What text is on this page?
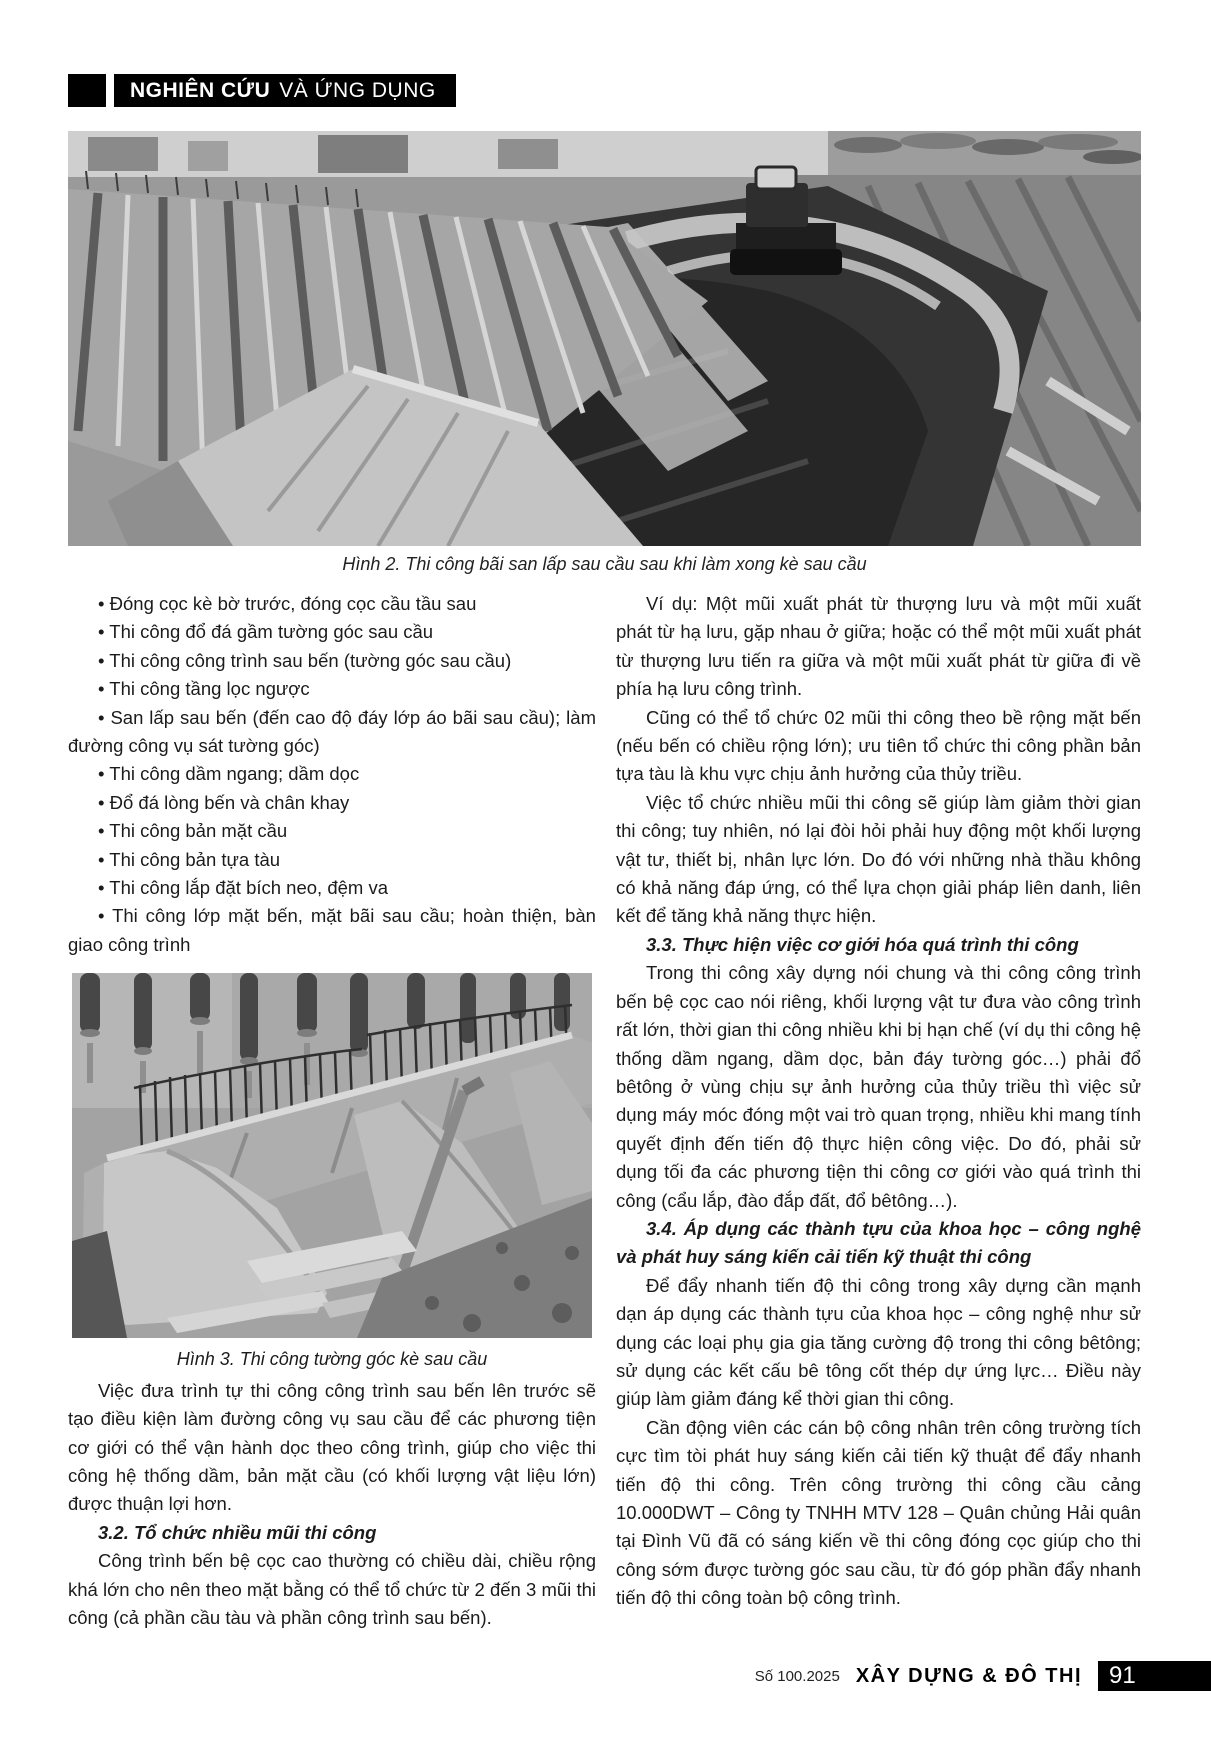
NGHIÊN CỨU VÀ ỨNG DỤNG
Hình 2. Thi công bãi san lấp sau cầu sau khi làm xong kè sau cầu

• Đóng cọc kè bờ trước, đóng cọc cầu tầu sau

• Thi công đổ đá gầm tường góc sau cầu

• Thi công công trình sau bến (tường góc sau cầu)

• Thi công tầng lọc ngược

• San lấp sau bến (đến cao độ đáy lớp áo bãi sau cầu); làm đường công vụ sát tường góc)

• Thi công dầm ngang; dầm dọc

• Đổ đá lòng bến và chân khay

• Thi công bản mặt cầu

• Thi công bản tựa tàu

• Thi công lắp đặt bích neo, đệm va

• Thi công lớp mặt bến, mặt bãi sau cầu; hoàn thiện, bàn giao công trình

Hình 3. Thi công tường góc kè sau cầu

Việc đưa trình tự thi công công trình sau bến lên trước sẽ tạo điều kiện làm đường công vụ sau cầu để các phương tiện cơ giới có thể vận hành dọc theo công trình, giúp cho việc thi công hệ thống dầm, bản mặt cầu (có khối lượng vật liệu lớn) được thuận lợi hơn.

3.2. Tổ chức nhiều mũi thi công

Công trình bến bệ cọc cao thường có chiều dài, chiều rộng khá lớn cho nên theo mặt bằng có thể tổ chức từ 2 đến 3 mũi thi công (cả phần cầu tàu và phần công trình sau bến).

Ví dụ: Một mũi xuất phát từ thượng lưu và một mũi xuất phát từ hạ lưu, gặp nhau ở giữa; hoặc có thể một mũi xuất phát từ thượng lưu tiến ra giữa và một mũi xuất phát từ giữa đi về phía hạ lưu công trình.

Cũng có thể tổ chức 02 mũi thi công theo bề rộng mặt bến (nếu bến có chiều rộng lớn); ưu tiên tổ chức thi công phần bản tựa tàu là khu vực chịu ảnh hưởng của thủy triều.

Việc tổ chức nhiều mũi thi công sẽ giúp làm giảm thời gian thi công; tuy nhiên, nó lại đòi hỏi phải huy động một khối lượng vật tư, thiết bị, nhân lực lớn. Do đó với những nhà thầu không có khả năng đáp ứng, có thể lựa chọn giải pháp liên danh, liên kết để tăng khả năng thực hiện.

3.3. Thực hiện việc cơ giới hóa quá trình thi công

Trong thi công xây dựng nói chung và thi công công trình bến bệ cọc cao nói riêng, khối lượng vật tư đưa vào công trình rất lớn, thời gian thi công nhiều khi bị hạn chế (ví dụ thi công hệ thống dầm ngang, dầm dọc, bản đáy tường góc…) phải đổ bêtông ở vùng chịu sự ảnh hưởng của thủy triều thì việc sử dụng máy móc đóng một vai trò quan trọng, nhiều khi mang tính quyết định đến tiến độ thực hiện công việc. Do đó, phải sử dụng tối đa các phương tiện thi công cơ giới vào quá trình thi công (cẩu lắp, đào đắp đất, đổ bêtông…).

3.4. Áp dụng các thành tựu của khoa học – công nghệ và phát huy sáng kiến cải tiến kỹ thuật thi công

Để đẩy nhanh tiến độ thi công trong xây dựng cần mạnh dạn áp dụng các thành tựu của khoa học – công nghệ như sử dụng các loại phụ gia gia tăng cường độ trong thi công bêtông; sử dụng các kết cấu bê tông cốt thép dự ứng lực… Điều này giúp làm giảm đáng kể thời gian thi công.

Cần động viên các cán bộ công nhân trên công trường tích cực tìm tòi phát huy sáng kiến cải tiến kỹ thuật để đẩy nhanh tiến độ thi công. Trên công trường thi công cầu cảng 10.000DWT – Công ty TNHH MTV 128 – Quân chủng Hải quân tại Đình Vũ đã có sáng kiến về thi công đóng cọc giúp cho thi công sớm được tường góc sau cầu, từ đó góp phần đẩy nhanh tiến độ thi công toàn bộ công trình.

Số 100.2025 XÂY DỰNG & ĐÔ THỊ	91
